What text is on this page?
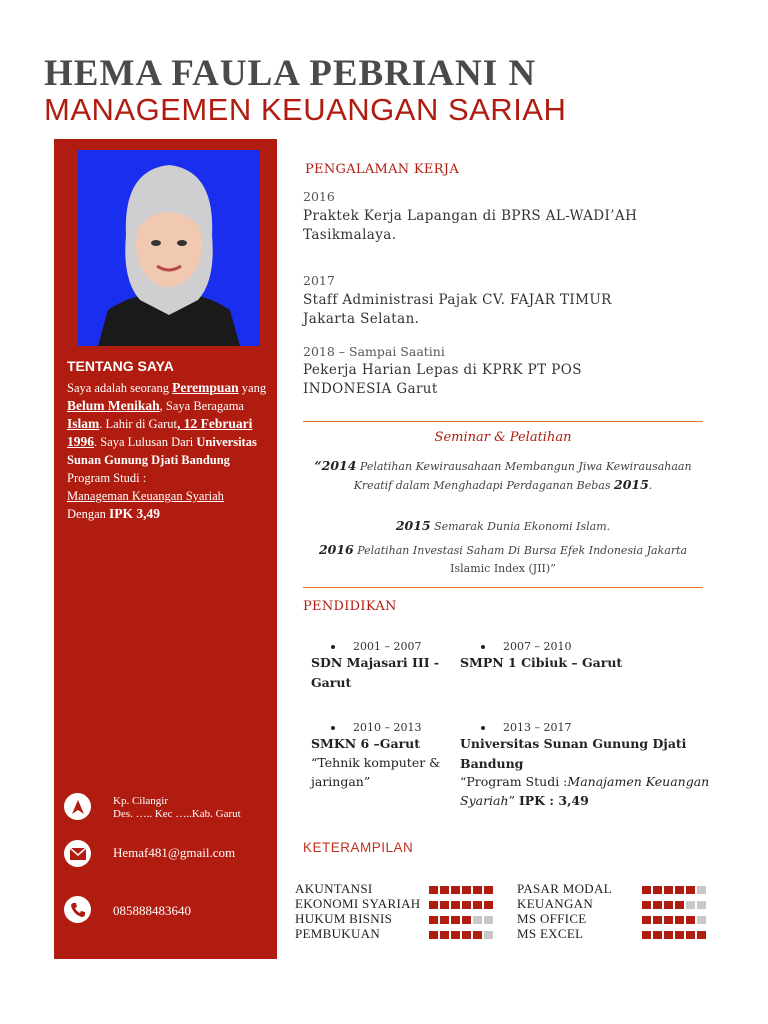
HEMA FAULA PEBRIANI N
MANAGEMEN KEUANGAN SARIAH
TENTANG SAYA
Saya adalah seorang Perempuan yang Belum Menikah, Saya Beragama Islam. Lahir di Garut, 12 Februari 1996. Saya Lulusan Dari Universitas Sunan Gunung Djati Bandung
Program Studi :
Manageman Keuangan Syariah
Dengan IPK 3,49
Kp. Cilangir
Des. ….. Kec …..Kab. Garut
Hemaf481@gmail.com
085888483640
PENGALAMAN KERJA
2016
Praktek Kerja Lapangan di BPRS AL-WADI’AH
Tasikmalaya.
2017
Staff Administrasi Pajak CV. FAJAR TIMUR
Jakarta Selatan.
2018 – Sampai Saatini
Pekerja Harian Lepas di KPRK PT POS
INDONESIA Garut
Seminar & Pelatihan
“2014 Pelatihan Kewirausahaan Membangun Jiwa Kewirausahaan Kreatif dalam Menghadapi Perdaganan Bebas 2015.
2015 Semarak Dunia Ekonomi Islam.
2016 Pelatihan Investasi Saham Di Bursa Efek Indonesia Jakarta Islamic Index (JII)”
PENDIDIKAN
2001 – 2007
SDN Majasari III - Garut
2007 – 2010
SMPN 1 Cibiuk – Garut
2010 – 2013
SMKN 6 –Garut
“Tehnik komputer & jaringan”
2013 – 2017
Universitas Sunan Gunung Djati Bandung
“Program Studi :Manajamen Keuangan Syariah” IPK : 3,49
KETERAMPILAN
AKUNTANSI
EKONOMI SYARIAH
HUKUM BISNIS
PEMBUKUAN
PASAR MODAL
KEUANGAN
MS OFFICE
MS EXCEL
